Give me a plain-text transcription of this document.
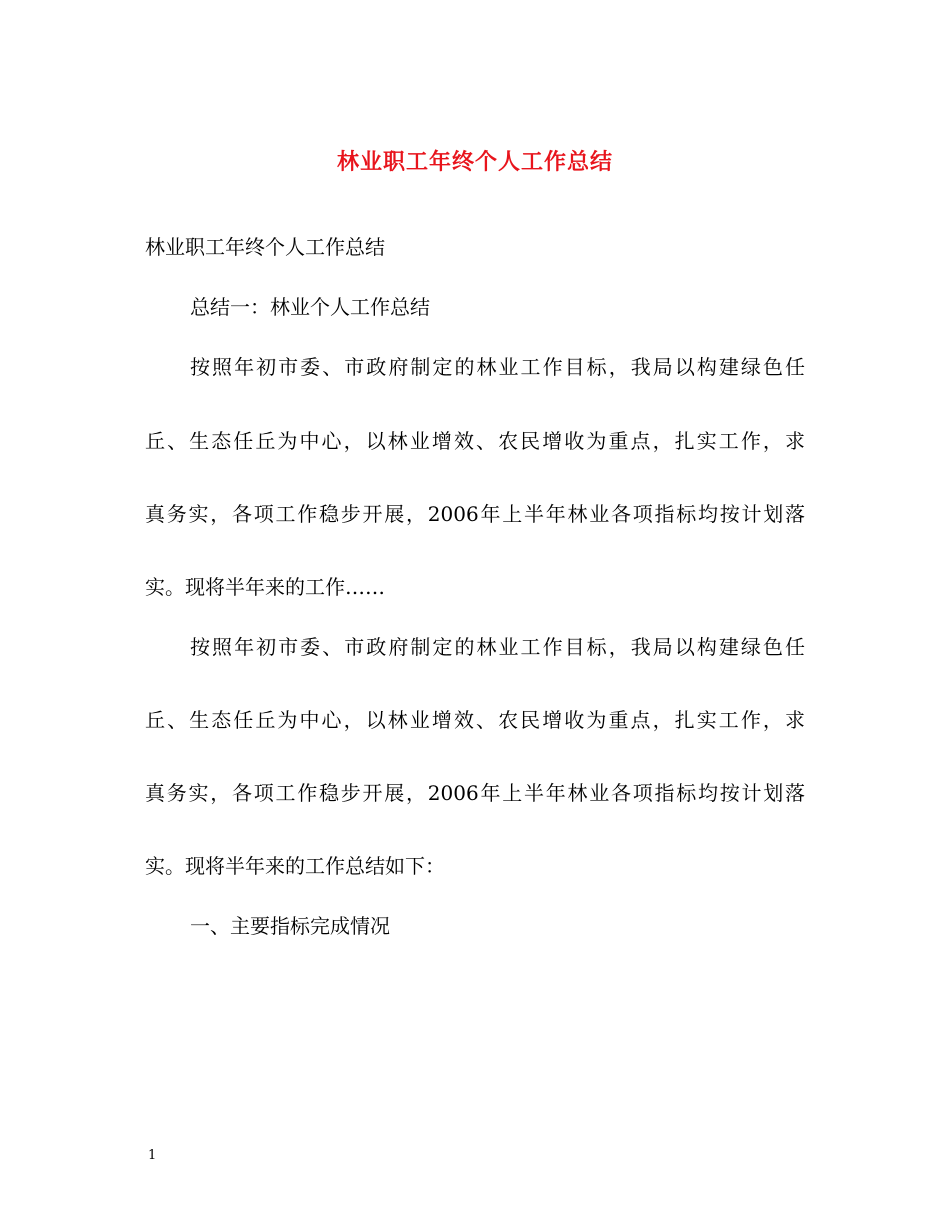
林业职工年终个人工作总结
林业职工年终个人工作总结
总结一：林业个人工作总结
按照年初市委、市政府制定的林业工作目标，我局以构建绿色任
丘、生态任丘为中心，以林业增效、农民增收为重点，扎实工作，求
真务实，各项工作稳步开展，2006年上半年林业各项指标均按计划落
实。现将半年来的工作……
按照年初市委、市政府制定的林业工作目标，我局以构建绿色任
丘、生态任丘为中心，以林业增效、农民增收为重点，扎实工作，求
真务实，各项工作稳步开展，2006年上半年林业各项指标均按计划落
实。现将半年来的工作总结如下：
一、主要指标完成情况
1
